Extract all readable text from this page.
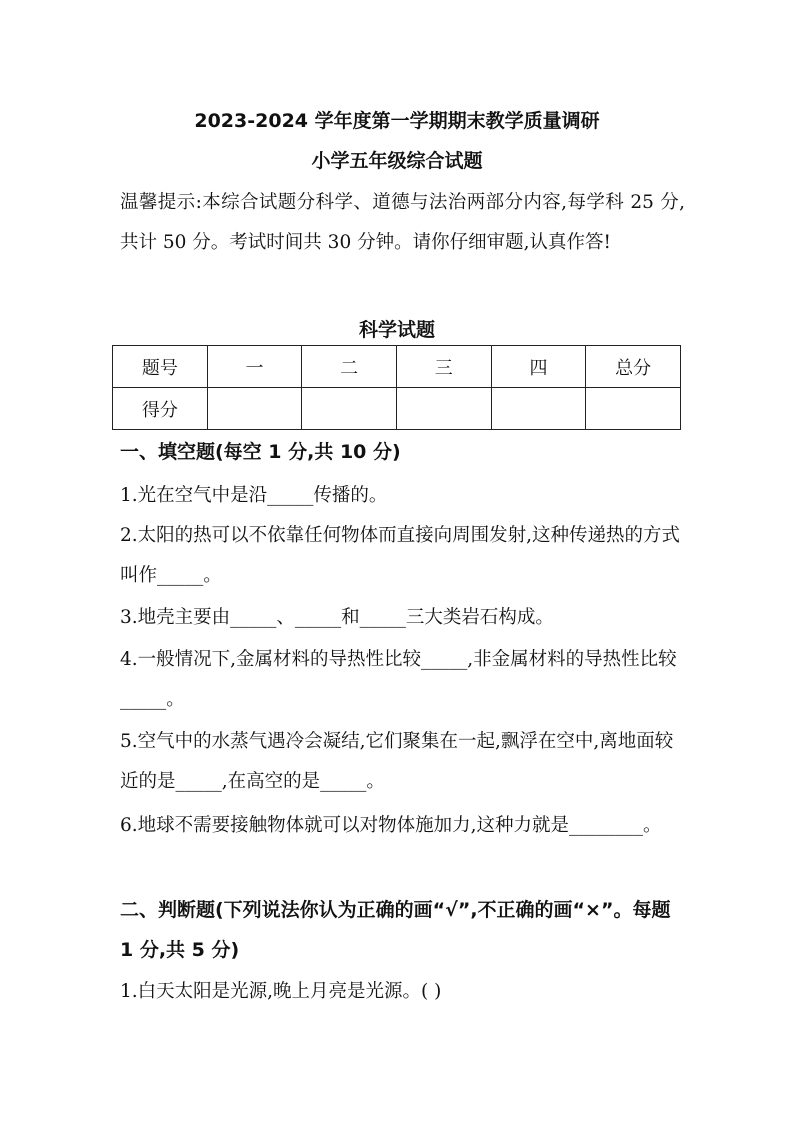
2023-2024 学年度第一学期期末教学质量调研
小学五年级综合试题
温馨提示:本综合试题分科学、道德与法治两部分内容,每学科 25 分,共计 50 分。考试时间共 30 分钟。请你仔细审题,认真作答!
科学试题
题号	一	二	三	四	总分
得分					
一、填空题(每空 1 分,共 10 分)
1.光在空气中是沿_____传播的。
2.太阳的热可以不依靠任何物体而直接向周围发射,这种传递热的方式叫作_____。
3.地壳主要由_____、_____和_____三大类岩石构成。
4.一般情况下,金属材料的导热性比较_____,非金属材料的导热性比较_____。
5.空气中的水蒸气遇冷会凝结,它们聚集在一起,飘浮在空中,离地面较近的是_____,在高空的是_____。
6.地球不需要接触物体就可以对物体施加力,这种力就是________。
二、判断题(下列说法你认为正确的画“√”,不正确的画“×”。每题 1 分,共 5 分)
1.白天太阳是光源,晚上月亮是光源。( )
